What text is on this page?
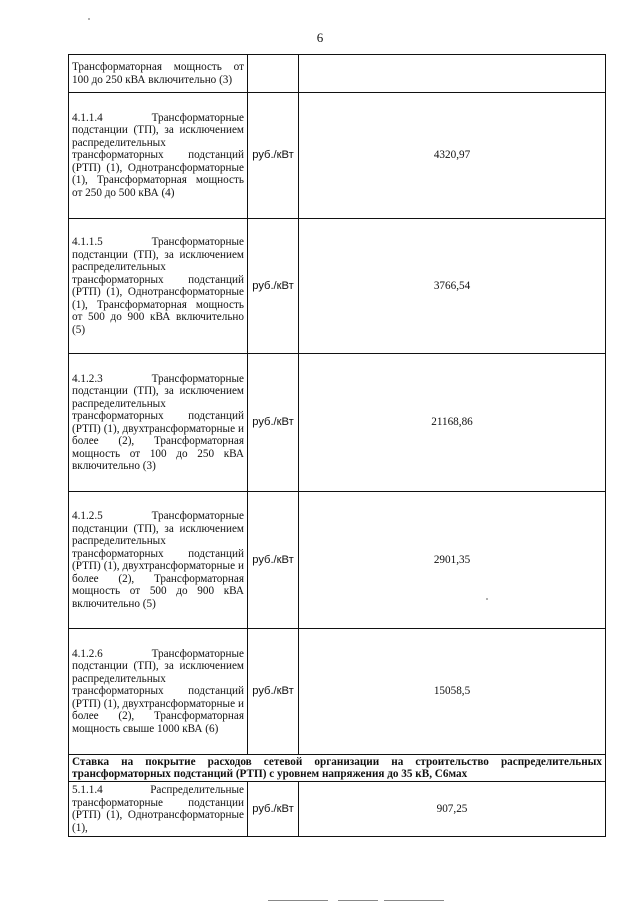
6
Трансформаторная мощность от 100 до 250 кВА включительно (3)		
4.1.1.4 Трансформаторные подстанции (ТП), за исключением распределительных трансформаторных подстанций (РТП) (1), Однотрансформаторные (1), Трансформаторная мощность от 250 до 500 кВА (4)	руб./кВт	4320,97
4.1.1.5 Трансформаторные подстанции (ТП), за исключением распределительных трансформаторных подстанций (РТП) (1), Однотрансформаторные (1), Трансформаторная мощность от 500 до 900 кВА включительно (5)	руб./кВт	3766,54
4.1.2.3 Трансформаторные подстанции (ТП), за исключением распределительных трансформаторных подстанций (РТП) (1), двухтрансформаторные и более (2), Трансформаторная мощность от 100 до 250 кВА включительно (3)	руб./кВт	21168,86
4.1.2.5 Трансформаторные подстанции (ТП), за исключением распределительных трансформаторных подстанций (РТП) (1), двухтрансформаторные и более (2), Трансформаторная мощность от 500 до 900 кВА включительно (5)	руб./кВт	2901,35
4.1.2.6 Трансформаторные подстанции (ТП), за исключением распределительных трансформаторных подстанций (РТП) (1), двухтрансформаторные и более (2), Трансформаторная мощность свыше 1000 кВА (6)	руб./кВт	15058,5
Ставка на покрытие расходов сетевой организации на строительство распределительных трансформаторных подстанций (РТП) с уровнем напряжения до 35 кВ, C6мах		
5.1.1.4 Распределительные трансформаторные подстанции (РТП) (1), Однотрансформаторные (1),	руб./кВт	907,25
